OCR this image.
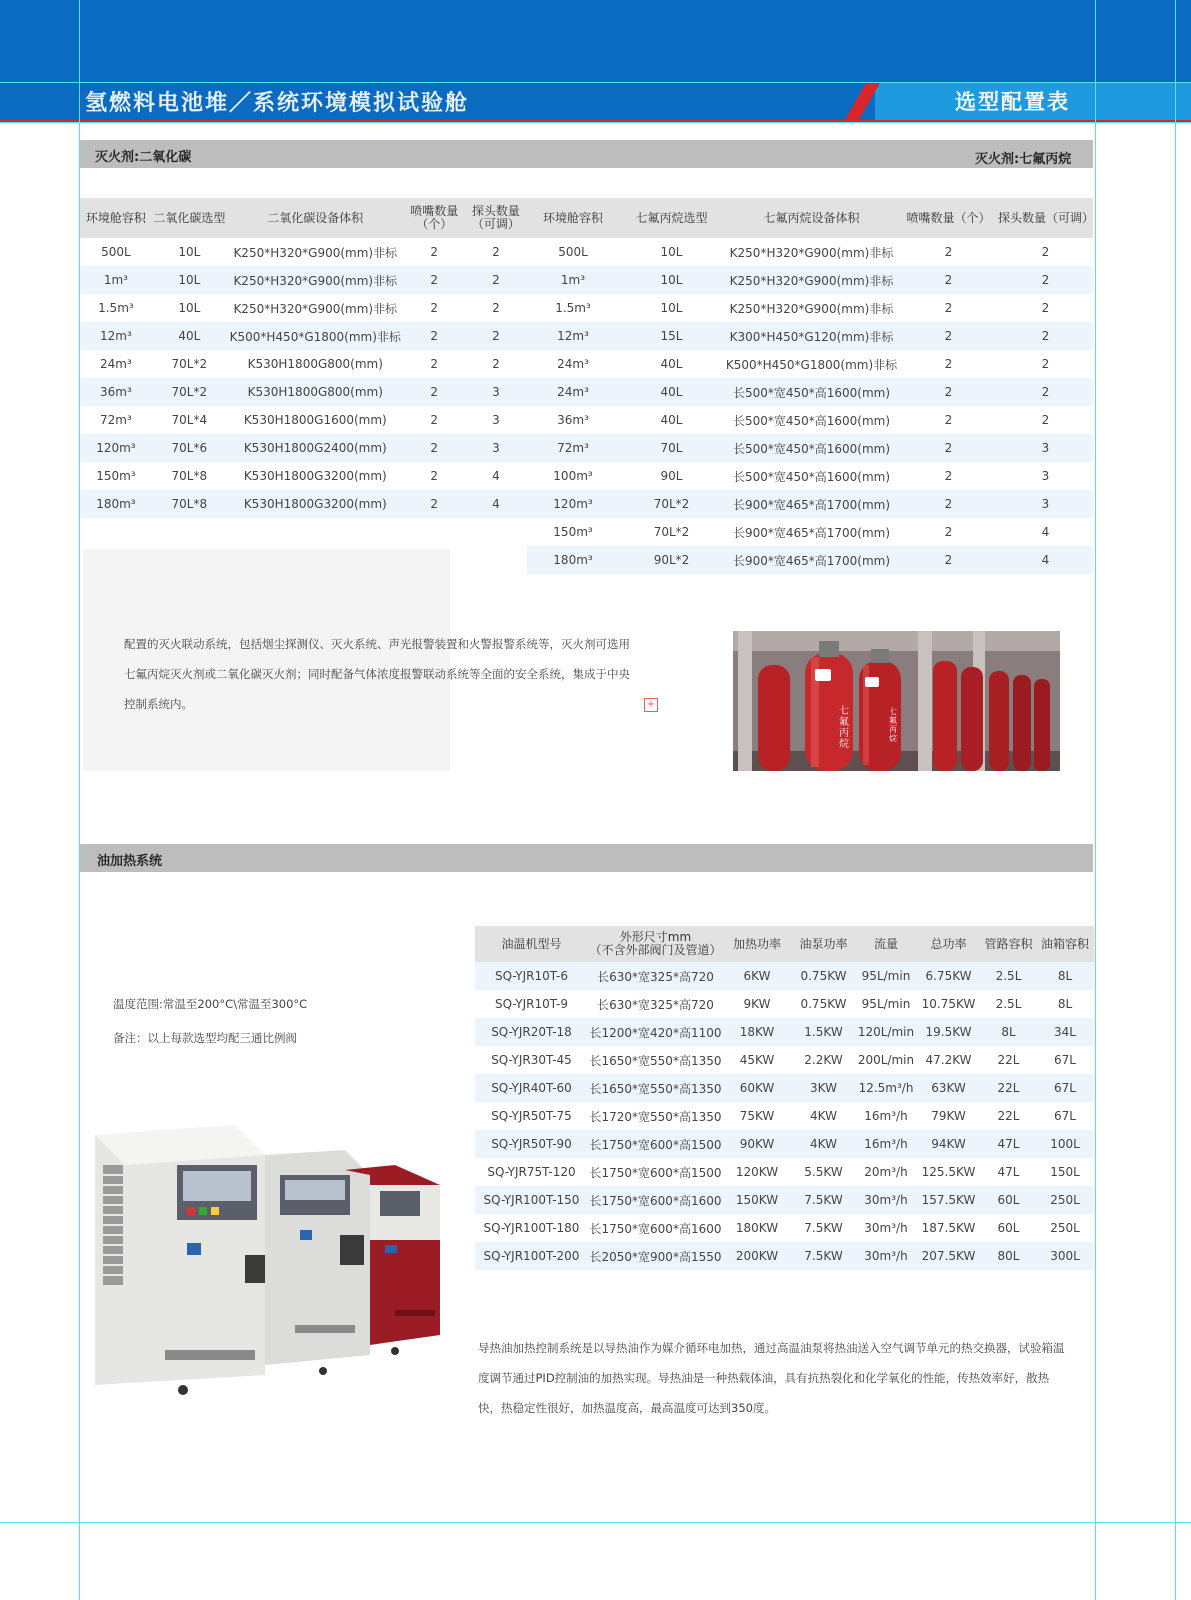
氢燃料电池堆／系统环境模拟试验舱	选型配置表
灭火剂:二氧化碳	灭火剂:七氟丙烷
环境舱容积	二氧化碳选型	二氧化碳设备体积	喷嘴数量（个）	探头数量（可调）
500L	10L	K250*H320*G900(mm)非标	2	2
1m³	10L	K250*H320*G900(mm)非标	2	2
1.5m³	10L	K250*H320*G900(mm)非标	2	2
12m³	40L	K500*H450*G1800(mm)非标	2	2
24m³	70L*2	K530H1800G800(mm)	2	2
36m³	70L*2	K530H1800G800(mm)	2	3
72m³	70L*4	K530H1800G1600(mm)	2	3
120m³	70L*6	K530H1800G2400(mm)	2	3
150m³	70L*8	K530H1800G3200(mm)	2	4
180m³	70L*8	K530H1800G3200(mm)	2	4
环境舱容积	七氟丙烷选型	七氟丙烷设备体积	喷嘴数量（个）	探头数量（可调）
500L	10L	K250*H320*G900(mm)非标	2	2
1m³	10L	K250*H320*G900(mm)非标	2	2
1.5m³	10L	K250*H320*G900(mm)非标	2	2
12m³	15L	K300*H450*G120(mm)非标	2	2
24m³	40L	K500*H450*G1800(mm)非标	2	2
24m³	40L	长500*宽450*高1600(mm)	2	2
36m³	40L	长500*宽450*高1600(mm)	2	2
72m³	70L	长500*宽450*高1600(mm)	2	3
100m³	90L	长500*宽450*高1600(mm)	2	3
120m³	70L*2	长900*宽465*高1700(mm)	2	3
150m³	70L*2	长900*宽465*高1700(mm)	2	4
180m³	90L*2	长900*宽465*高1700(mm)	2	4
配置的灭火联动系统，包括烟尘探测仪、灭火系统、声光报警装置和火警报警系统等，灭火剂可选用
七氟丙烷灭火剂或二氧化碳灭火剂；同时配备气体浓度报警联动系统等全面的安全系统，集成于中央
控制系统内。	+
七氟丙烷
七氟丙烷
油加热系统
温度范围:常温至200°C\常温至300°C
备注：以上每款选型均配三通比例阀
油温机型号	外形尺寸mm
（不含外部阀门及管道）	加热功率	油泵功率	流量	总功率	管路容积	油箱容积
SQ-YJR10T-6	长630*宽325*高720	6KW	0.75KW	95L/min	6.75KW	2.5L	8L
SQ-YJR10T-9	长630*宽325*高720	9KW	0.75KW	95L/min	10.75KW	2.5L	8L
SQ-YJR20T-18	长1200*宽420*高1100	18KW	1.5KW	120L/min	19.5KW	8L	34L
SQ-YJR30T-45	长1650*宽550*高1350	45KW	2.2KW	200L/min	47.2KW	22L	67L
SQ-YJR40T-60	长1650*宽550*高1350	60KW	3KW	12.5m³/h	63KW	22L	67L
SQ-YJR50T-75	长1720*宽550*高1350	75KW	4KW	16m³/h	79KW	22L	67L
SQ-YJR50T-90	长1750*宽600*高1500	90KW	4KW	16m³/h	94KW	47L	100L
SQ-YJR75T-120	长1750*宽600*高1500	120KW	5.5KW	20m³/h	125.5KW	47L	150L
SQ-YJR100T-150	长1750*宽600*高1600	150KW	7.5KW	30m³/h	157.5KW	60L	250L
SQ-YJR100T-180	长1750*宽600*高1600	180KW	7.5KW	30m³/h	187.5KW	60L	250L
SQ-YJR100T-200	长2050*宽900*高1550	200KW	7.5KW	30m³/h	207.5KW	80L	300L
导热油加热控制系统是以导热油作为媒介循环电加热，通过高温油泵将热油送入空气调节单元的热交换器，试验箱温
度调节通过PID控制油的加热实现。导热油是一种热载体油，具有抗热裂化和化学氧化的性能，传热效率好，散热
快，热稳定性很好，加热温度高，最高温度可达到350度。
